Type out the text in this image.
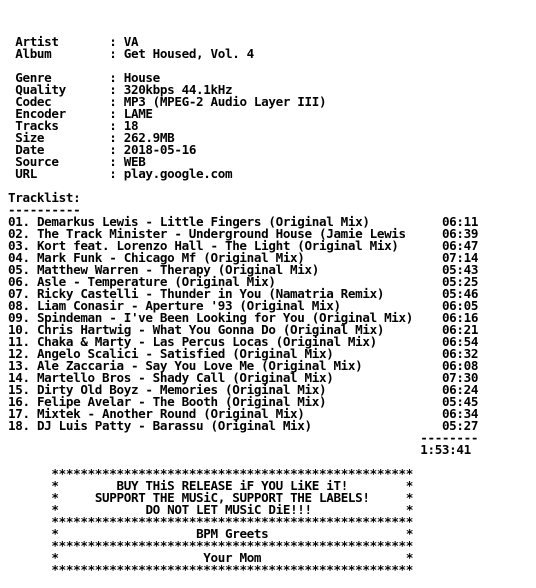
Artist       : VA
Album        : Get Housed, Vol. 4

Genre        : House
Quality      : 320kbps 44.1kHz
Codec        : MP3 (MPEG-2 Audio Layer III)
Encoder      : LAME
Tracks       : 18
Size         : 262.9MB
Date         : 2018-05-16
Source       : WEB
URL          : play.google.com

Tracklist:
----------
01. Demarkus Lewis - Little Fingers (Original Mix)	06:11
02. The Track Minister - Underground House (Jamie Lewis	06:39
03. Kort feat. Lorenzo Hall - The Light (Original Mix)	06:47
04. Mark Funk - Chicago Mf (Original Mix)	07:14
05. Matthew Warren - Therapy (Original Mix)	05:43
06. Asle - Temperature (Original Mix)	05:25
07. Ricky Castelli - Thunder in You (Namatria Remix)	05:46
08. Liam Conasir - Aperture '93 (Original Mix)	06:05
09. Spindeman - I've Been Looking for You (Original Mix) 06:16
10. Chris Hartwig - What You Gonna Do (Original Mix)	06:21
11. Chaka & Marty - Las Percus Locas (Original Mix)	06:54
12. Angelo Scalici - Satisfied (Original Mix)	06:32
13. Ale Zaccaria - Say You Love Me (Original Mix)	06:08
14. Martello Bros - Shady Call (Original Mix)	07:30
15. Dirty Old Boyz - Memories (Original Mix)	06:24
16. Felipe Avelar - The Booth (Original Mix)	05:45
17. Mixtek - Another Round (Original Mix)	06:34
18. DJ Luis Patty - Barassu (Original Mix)	05:27
--------
1:53:41

**************************************************
*	BUY THiS RELEASE iF YOU LiKE iT!	*
*	SUPPORT THE MUSiC, SUPPORT THE LABELS!	*
*	DO NOT LET MUSiC DiE!!!	*
**************************************************
*	BPM Greets	*
**************************************************
*	Your Mom	*
**************************************************
